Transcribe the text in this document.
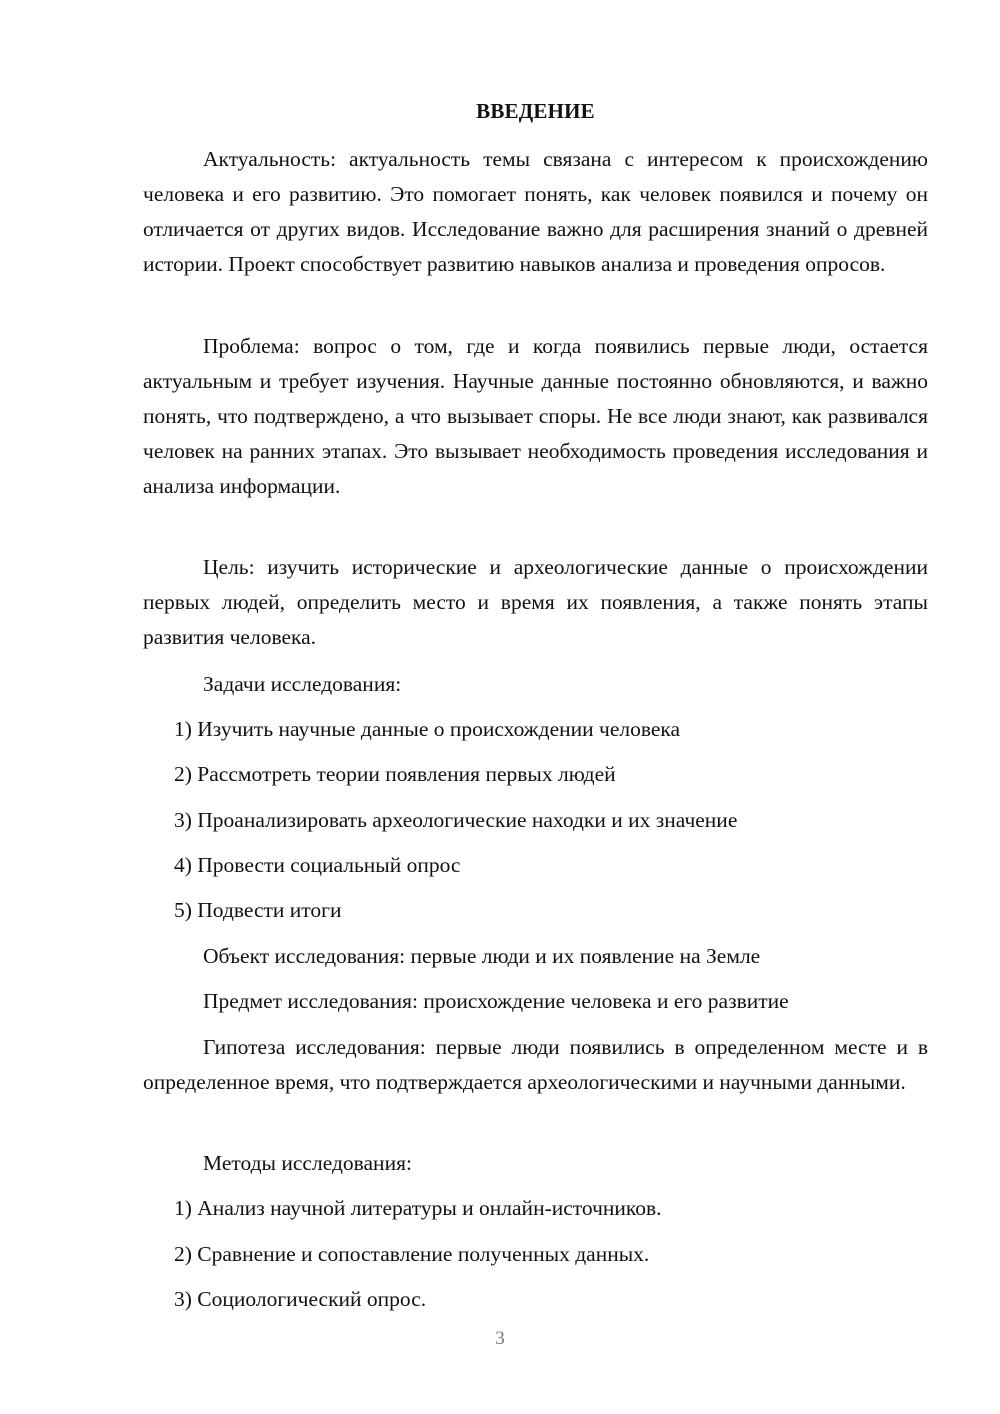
ВВЕДЕНИЕ

Актуальность: актуальность темы связана с интересом к происхождению человека и его развитию. Это помогает понять, как человек появился и почему он отличается от других видов. Исследование важно для расширения знаний о древней истории. Проект способствует развитию навыков анализа и проведения опросов.

Проблема: вопрос о том, где и когда появились первые люди, остается актуальным и требует изучения. Научные данные постоянно обновляются, и важно понять, что подтверждено, а что вызывает споры. Не все люди знают, как развивался человек на ранних этапах. Это вызывает необходимость проведения исследования и анализа информации.

Цель: изучить исторические и археологические данные о происхождении первых людей, определить место и время их появления, а также понять этапы развития человека.

Задачи исследования:
1) Изучить научные данные о происхождении человека
2) Рассмотреть теории появления первых людей
3) Проанализировать археологические находки и их значение
4) Провести социальный опрос
5) Подвести итоги
Объект исследования: первые люди и их появление на Земле
Предмет исследования: происхождение человека и его развитие

Гипотеза исследования: первые люди появились в определенном месте и в определенное время, что подтверждается археологическими и научными данными.

Методы исследования:
1) Анализ научной литературы и онлайн-источников.
2) Сравнение и сопоставление полученных данных.
3) Социологический опрос.
3
